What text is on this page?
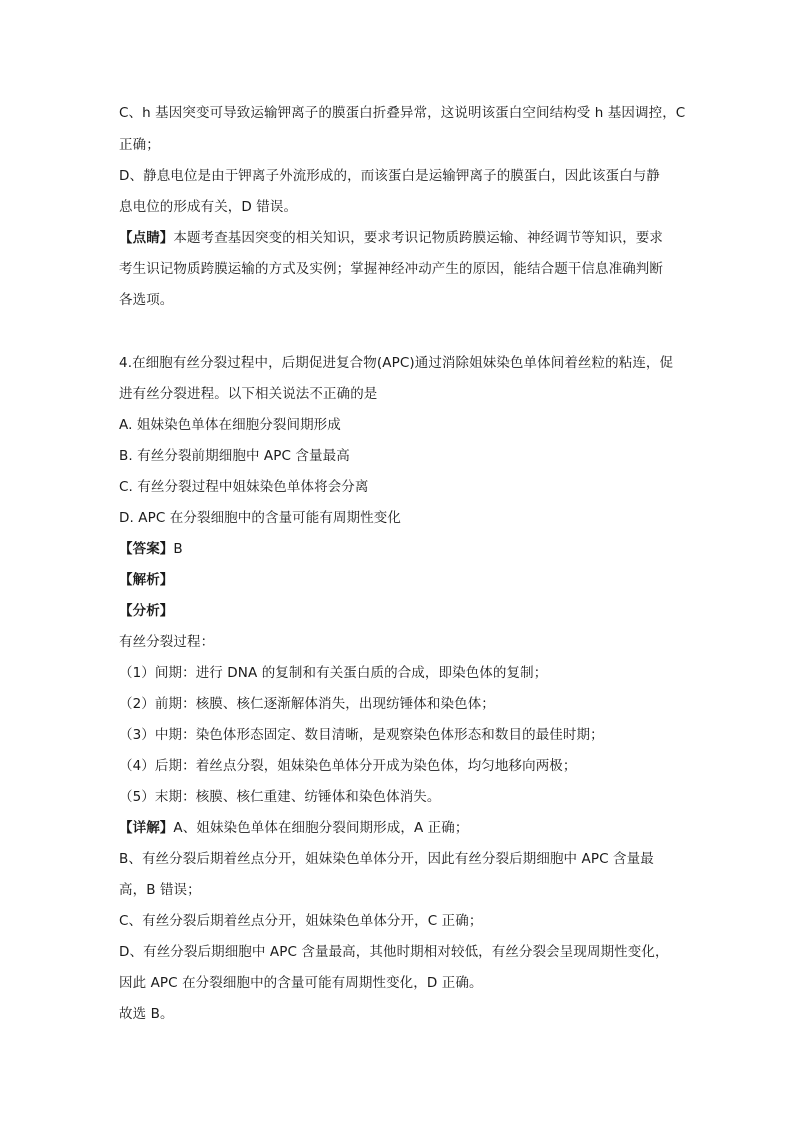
C、h 基因突变可导致运输钾离子的膜蛋白折叠异常，这说明该蛋白空间结构受 h 基因调控，C
正确；
D、静息电位是由于钾离子外流形成的，而该蛋白是运输钾离子的膜蛋白，因此该蛋白与静
息电位的形成有关，D 错误。
【点睛】本题考查基因突变的相关知识，要求考识记物质跨膜运输、神经调节等知识，要求
考生识记物质跨膜运输的方式及实例；掌握神经冲动产生的原因，能结合题干信息准确判断
各选项。
4.在细胞有丝分裂过程中，后期促进复合物(APC)通过消除姐妹染色单体间着丝粒的粘连，促
进有丝分裂进程。以下相关说法不正确的是
A. 姐妹染色单体在细胞分裂间期形成
B. 有丝分裂前期细胞中 APC 含量最高
C. 有丝分裂过程中姐妹染色单体将会分离
D. APC 在分裂细胞中的含量可能有周期性变化
【答案】B
【解析】
【分析】
有丝分裂过程：
（1）间期：进行 DNA 的复制和有关蛋白质的合成，即染色体的复制；
（2）前期：核膜、核仁逐渐解体消失，出现纺锤体和染色体；
（3）中期：染色体形态固定、数目清晰，是观察染色体形态和数目的最佳时期；
（4）后期：着丝点分裂，姐妹染色单体分开成为染色体，均匀地移向两极；
（5）末期：核膜、核仁重建、纺锤体和染色体消失。
【详解】A、姐妹染色单体在细胞分裂间期形成，A 正确；
B、有丝分裂后期着丝点分开，姐妹染色单体分开，因此有丝分裂后期细胞中 APC 含量最
高，B 错误；
C、有丝分裂后期着丝点分开，姐妹染色单体分开，C 正确；
D、有丝分裂后期细胞中 APC 含量最高，其他时期相对较低，有丝分裂会呈现周期性变化，
因此 APC 在分裂细胞中的含量可能有周期性变化，D 正确。
故选 B。
